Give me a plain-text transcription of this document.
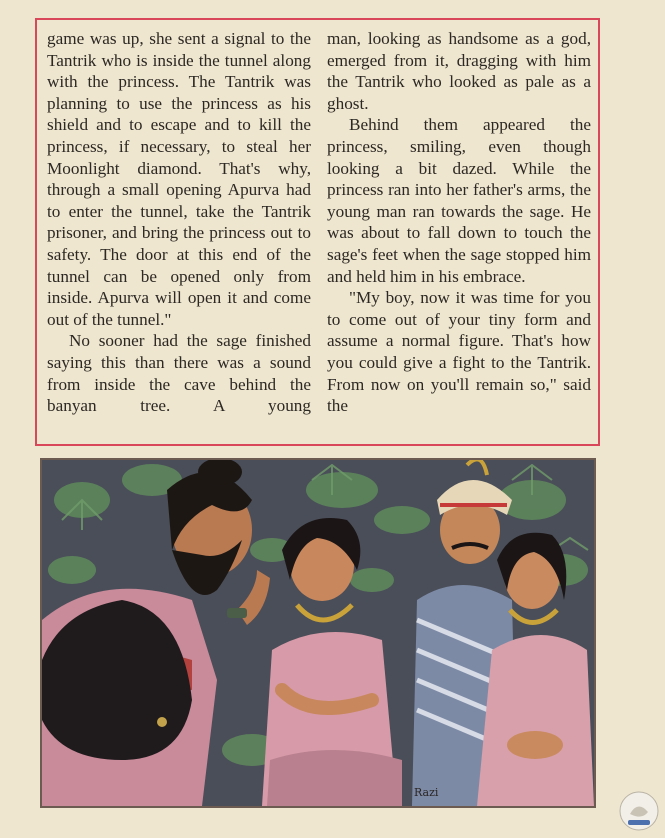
game was up, she sent a signal to the Tantrik who is inside the tunnel along with the princess. The Tantrik was planning to use the princess as his shield and to escape and to kill the princess, if necessary, to steal her Moonlight diamond. That's why, through a small opening Apurva had to enter the tunnel, take the Tantrik prisoner, and bring the princess out to safety. The door at this end of the tunnel can be opened only from inside. Apurva will open it and come out of the tunnel."

No sooner had the sage finished saying this than there was a sound from inside the cave behind the banyan tree. A young

man, looking as handsome as a god, emerged from it, dragging with him the Tantrik who looked as pale as a ghost.

Behind them appeared the princess, smiling, even though looking a bit dazed. While the princess ran into her father's arms, the young man ran towards the sage. He was about to fall down to touch the sage's feet when the sage stopped him and held him in his embrace.

"My boy, now it was time for you to come out of your tiny form and assume a normal figure. That's how you could give a fight to the Tantrik. From now on you'll remain so," said the

Razi
